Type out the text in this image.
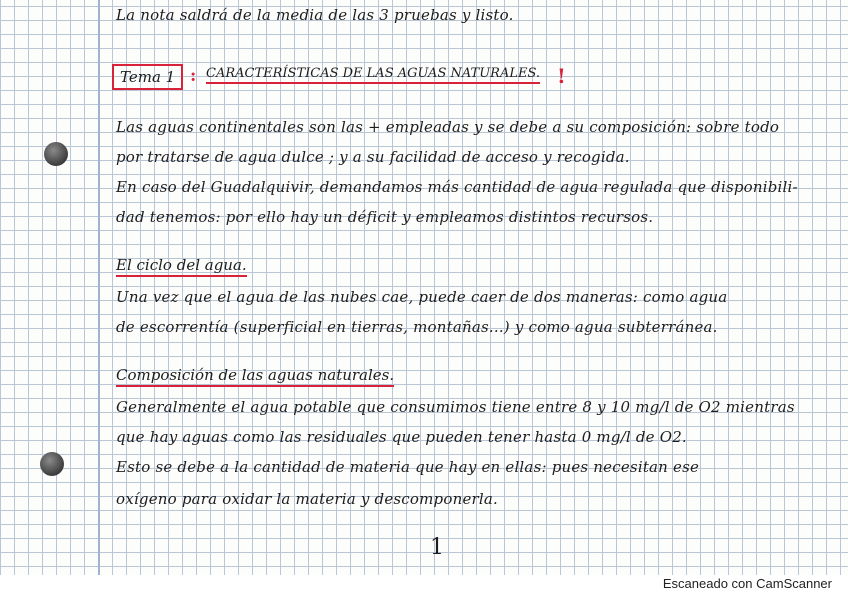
La nota saldrá de la media de las 3 pruebas y listo.
Tema 1 : CARACTERÍSTICAS DE LAS AGUAS NATURALES. !
Las aguas continentales son las + empleadas y se debe a su composición: sobre todo
por tratarse de agua dulce ; y a su facilidad de acceso y recogida.
En caso del Guadalquivir, demandamos más cantidad de agua regulada que disponibili-
dad tenemos: por ello hay un déficit y empleamos distintos recursos.
El ciclo del agua.
Una vez que el agua de las nubes cae, puede caer de dos maneras: como agua
de escorrentía (superficial en tierras, montañas...) y como agua subterránea.
Composición de las aguas naturales.
Generalmente el agua potable que consumimos tiene entre 8 y 10 mg/l de O2 mientras
que hay aguas como las residuales que pueden tener hasta 0 mg/l de O2.
Esto se debe a la cantidad de materia que hay en ellas: pues necesitan ese
oxígeno para oxidar la materia y descomponerla.
1
Escaneado con CamScanner
